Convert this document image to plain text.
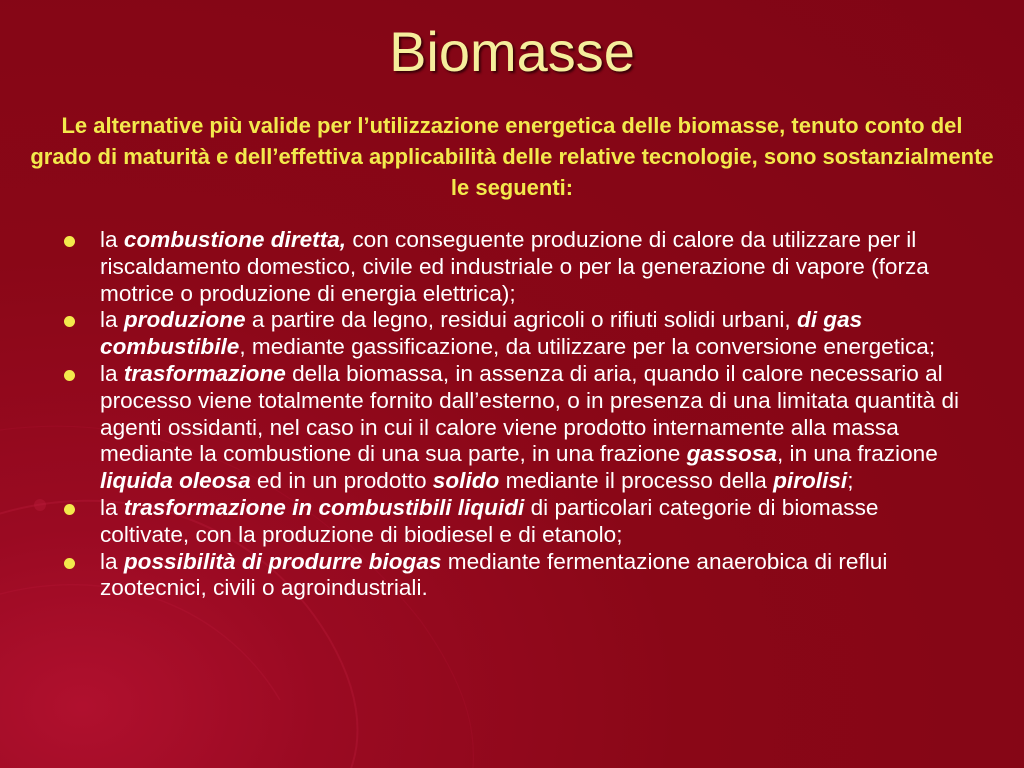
Biomasse

Le alternative più valide per l’utilizzazione energetica delle biomasse, tenuto conto del grado di maturità e dell’effettiva applicabilità delle relative tecnologie, sono sostanzialmente le seguenti:

la combustione diretta, con conseguente produzione di calore da utilizzare per il riscaldamento domestico, civile ed industriale o per la generazione di vapore (forza motrice o produzione di energia elettrica);
la produzione a partire da legno, residui agricoli o rifiuti solidi urbani, di gas combustibile, mediante gassificazione, da utilizzare per la conversione energetica;
la trasformazione della biomassa, in assenza di aria, quando il calore necessario al processo viene totalmente fornito dall’esterno, o in presenza di una limitata quantità di agenti ossidanti, nel caso in cui il calore viene prodotto internamente alla massa mediante la combustione di una sua parte, in una frazione gassosa, in una frazione liquida oleosa ed in un prodotto solido mediante il processo della pirolisi;
la trasformazione in combustibili liquidi di particolari categorie di biomasse coltivate, con la produzione di biodiesel e di etanolo;
la possibilità di produrre biogas mediante fermentazione anaerobica di reflui zootecnici, civili o agroindustriali.
